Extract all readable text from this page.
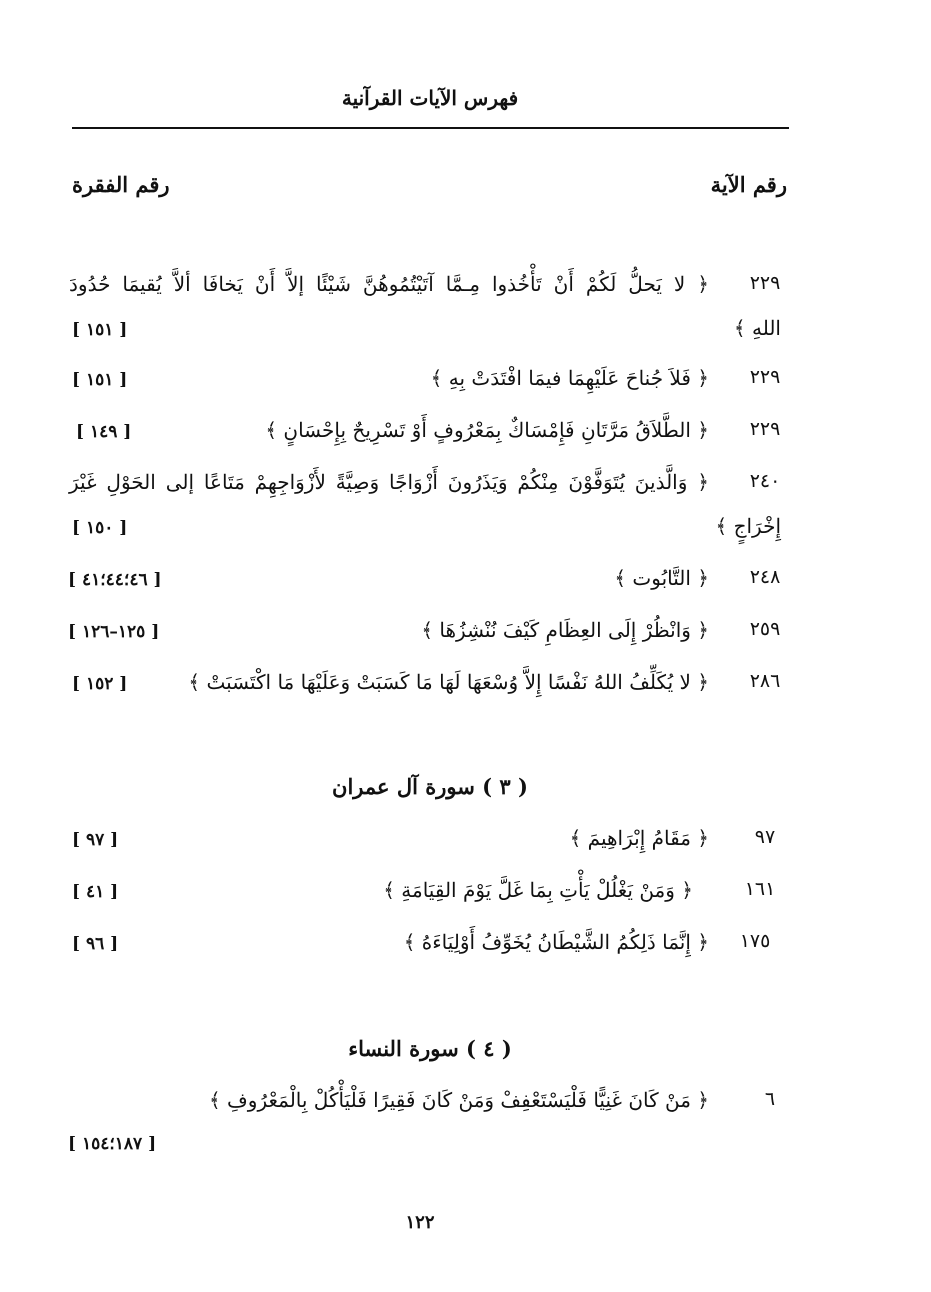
فهرس الآيات القرآنية
رقم الآية
رقم الفقرة
٢٢٩
﴿ لا يَحلُّ لَكُمْ أَنْ تَأْخُذوا مِـمَّا آتَيْتُمُوهُنَّ شَيْئًا إلاَّ أَنْ يَخافَا ألاَّ يُقيمَا حُدُودَ
اللهِ ﴾
[ ١٥١ ]
٢٢٩
﴿ فَلاَ جُناحَ عَلَيْهِمَا فيمَا افْتَدَتْ بِهِ ﴾
[ ١٥١ ]
٢٢٩
﴿ الطَّلاَقُ مَرَّتَانِ فَإِمْسَاكٌ بِمَعْرُوفٍ أَوْ تَسْرِيحٌ بِإِحْسَانٍ ﴾
[ ١٤٩ ]
٢٤٠
﴿ وَالَّذينَ يُتَوَفَّوْنَ مِنْكُمْ وَيَذَرُونَ أَزْوَاجًا وَصِيَّةً لأَزْوَاجِهِمْ مَتَاعًا إلى الحَوْلِ غَيْرَ
إِخْرَاجٍ ﴾
[ ١٥٠ ]
٢٤٨
﴿ التَّابُوت ﴾
[ ٤٦؛٤٤؛٤١ ]
٢٥٩
﴿ وَانْظُرْ إِلَى العِظَامِ كَيْفَ نُنْشِزُهَا ﴾
[ ١٢٥–١٢٦ ]
٢٨٦
﴿ لا يُكَلِّفُ اللهُ نَفْسًا إِلاَّ وُسْعَهَا لَهَا مَا كَسَبَتْ وَعَلَيْهَا مَا اكْتَسَبَتْ ﴾
[ ١٥٢ ]
( ٣ ) سورة آل عمران
٩٧
﴿ مَقَامُ إِبْرَاهِيمَ ﴾
[ ٩٧ ]
١٦١
﴿ وَمَنْ يَغْلُلْ يَأْتِ بِمَا غَلَّ يَوْمَ القِيَامَةِ ﴾
[ ٤١ ]
١٧٥
﴿ إِنَّمَا ذَلِكُمُ الشَّيْطَانُ يُخَوِّفُ أَوْلِيَاءَهُ ﴾
[ ٩٦ ]
( ٤ ) سورة النساء
٦
﴿ مَنْ كَانَ غَنِيًّا فَلْيَسْتَعْفِفْ وَمَنْ كَانَ فَقِيرًا فَلْيَأْكُلْ بِالْمَعْرُوفِ ﴾
[ ١٨٧؛١٥٤ ]
١٢٢
